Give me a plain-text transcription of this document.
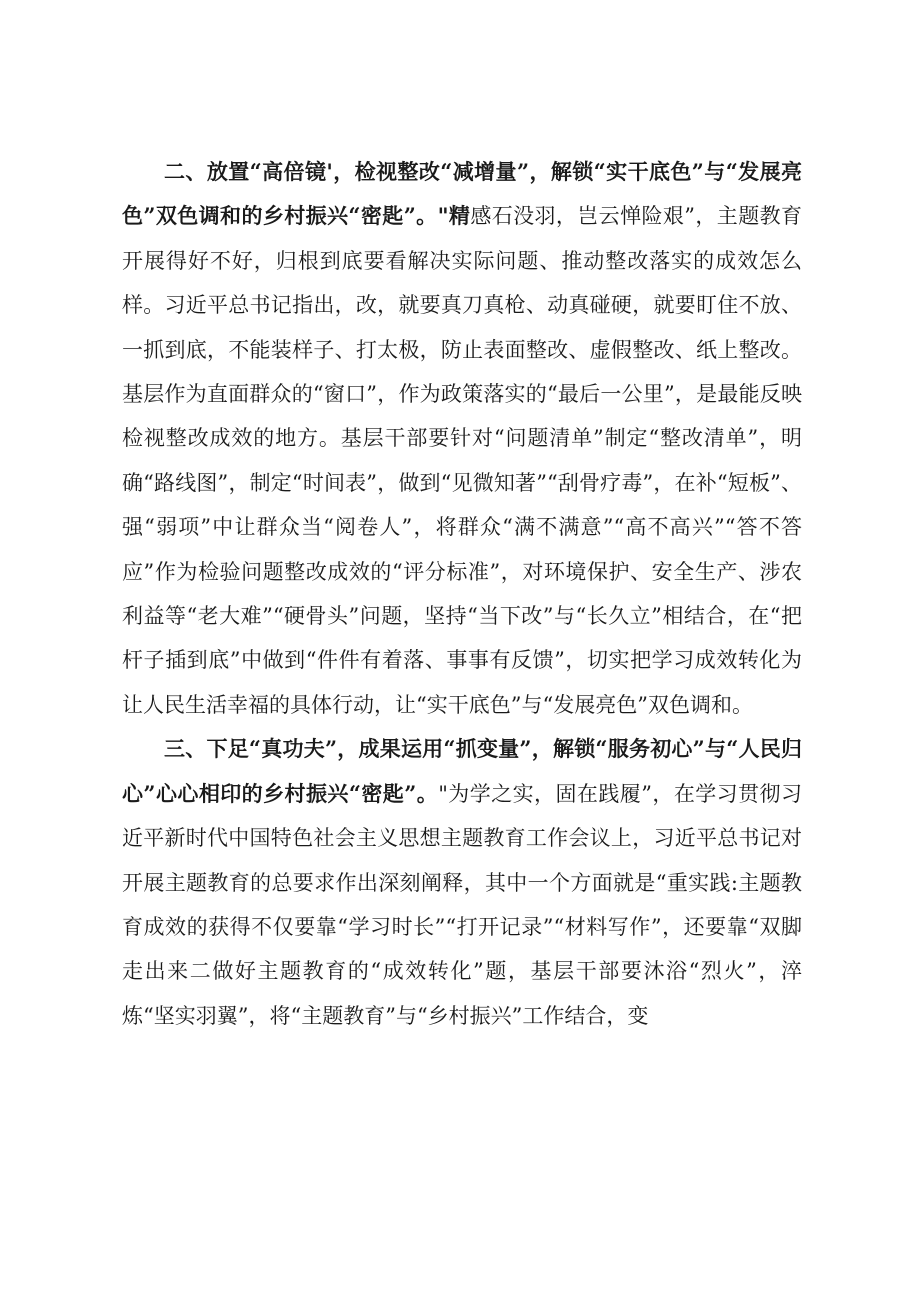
二、放置“高倍镜'，检视整改“减增量”，解锁“实干底色”与“发展亮色”双色调和的乡村振兴“密匙”。"精感石没羽，岂云惮险艰”，主题教育开展得好不好，归根到底要看解决实际问题、推动整改落实的成效怎么样。习近平总书记指出，改，就要真刀真枪、动真碰硬，就要盯住不放、一抓到底，不能装样子、打太极，防止表面整改、虚假整改、纸上整改。基层作为直面群众的“窗口”，作为政策落实的“最后一公里”，是最能反映检视整改成效的地方。基层干部要针对“问题清单”制定“整改清单”，明确“路线图”，制定“时间表”，做到“见微知著”“刮骨疗毒”，在补“短板”、强“弱项”中让群众当“阅卷人”，将群众“满不满意”“高不高兴”“答不答应”作为检验问题整改成效的“评分标准”，对环境保护、安全生产、涉农利益等“老大难”“硬骨头”问题，坚持“当下改”与“长久立”相结合，在“把杆子插到底”中做到“件件有着落、事事有反馈”，切实把学习成效转化为让人民生活幸福的具体行动，让“实干底色”与“发展亮色”双色调和。

三、下足“真功夫”，成果运用“抓变量”，解锁“服务初心”与“人民归心”心心相印的乡村振兴“密匙”。"为学之实，固在践履”，在学习贯彻习近平新时代中国特色社会主义思想主题教育工作会议上，习近平总书记对开展主题教育的总要求作出深刻阐释，其中一个方面就是“重实践:主题教育成效的获得不仅要靠“学习时长”“打开记录”“材料写作”，还要靠“双脚走出来二做好主题教育的“成效转化”题，基层干部要沐浴“烈火”，淬炼“坚实羽翼”，将“主题教育”与“乡村振兴”工作结合，变
